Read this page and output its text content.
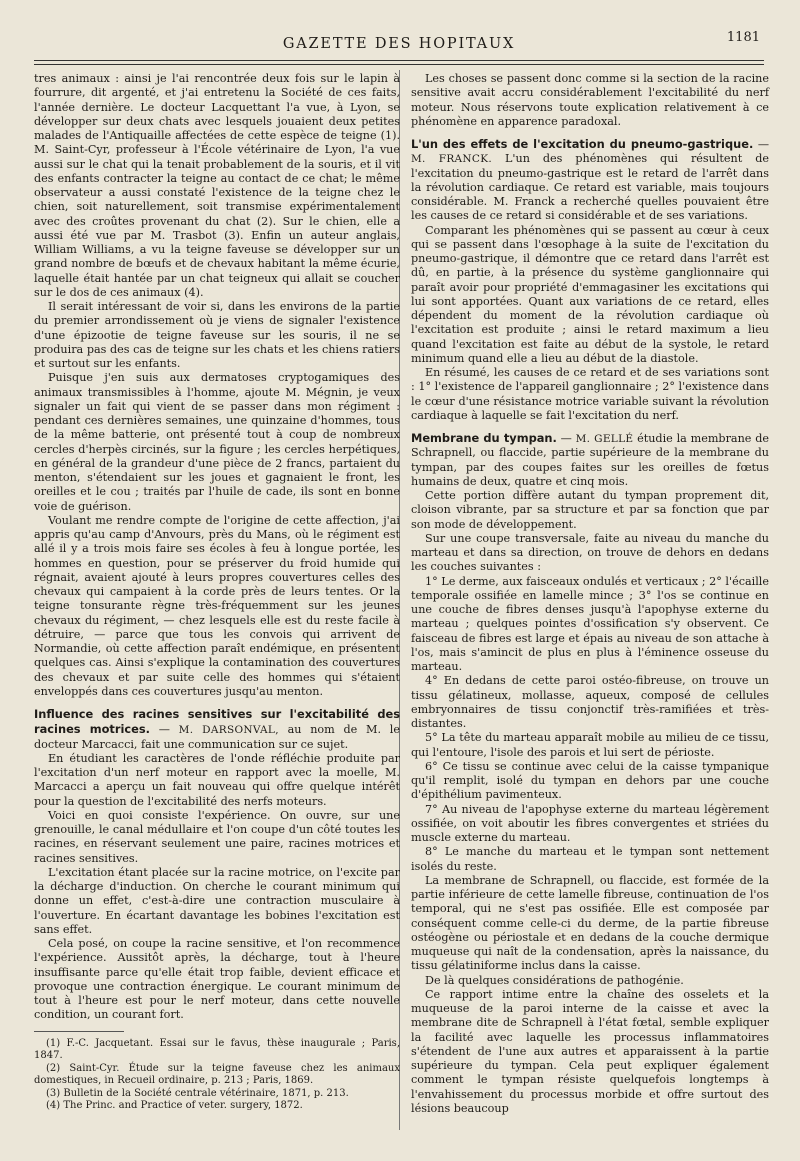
GAZETTE DES HOPITAUX	1181

tres animaux : ainsi je l'ai rencontrée deux fois sur le lapin à fourrure, dit argenté, et j'ai entretenu la Société de ces faits, l'année dernière. Le docteur Lacquettant l'a vue, à Lyon, se développer sur deux chats avec lesquels jouaient deux petites malades de l'Antiquaille affectées de cette espèce de teigne (1). M. Saint-Cyr, professeur à l'École vétérinaire de Lyon, l'a vue aussi sur le chat qui la tenait probablement de la souris, et il vit des enfants contracter la teigne au contact de ce chat; le même observateur a aussi constaté l'existence de la teigne chez le chien, soit naturellement, soit transmise expérimentalement avec des croûtes provenant du chat (2). Sur le chien, elle a aussi été vue par M. Trasbot (3). Enfin un auteur anglais, William Williams, a vu la teigne faveuse se développer sur un grand nombre de bœufs et de chevaux habitant la même écurie, laquelle était hantée par un chat teigneux qui allait se coucher sur le dos de ces animaux (4).

Il serait intéressant de voir si, dans les environs de la partie du premier arrondissement où je viens de signaler l'existence d'une épizootie de teigne faveuse sur les souris, il ne se produira pas des cas de teigne sur les chats et les chiens ratiers et surtout sur les enfants.

Puisque j'en suis aux dermatoses cryptogamiques des animaux transmissibles à l'homme, ajoute M. Mégnin, je veux signaler un fait qui vient de se passer dans mon régiment : pendant ces dernières semaines, une quinzaine d'hommes, tous de la même batterie, ont présenté tout à coup de nombreux cercles d'herpès circinés, sur la figure ; les cercles herpétiques, en général de la grandeur d'une pièce de 2 francs, partaient du menton, s'étendaient sur les joues et gagnaient le front, les oreilles et le cou ; traités par l'huile de cade, ils sont en bonne voie de guérison.

Voulant me rendre compte de l'origine de cette affection, j'ai appris qu'au camp d'Anvours, près du Mans, où le régiment est allé il y a trois mois faire ses écoles à feu à longue portée, les hommes en question, pour se préserver du froid humide qui régnait, avaient ajouté à leurs propres couvertures celles des chevaux qui campaient à la corde près de leurs tentes. Or la teigne tonsurante règne très-fréquemment sur les jeunes chevaux du régiment, — chez lesquels elle est du reste facile à détruire, — parce que tous les convois qui arrivent de Normandie, où cette affection paraît endémique, en présentent quelques cas. Ainsi s'explique la contamination des couvertures des chevaux et par suite celle des hommes qui s'étaient enveloppés dans ces couvertures jusqu'au menton.

Influence des racines sensitives sur l'excitabilité des racines motrices. — M. DARSONVAL, au nom de M. le docteur Marcacci, fait une communication sur ce sujet.

En étudiant les caractères de l'onde réfléchie produite par l'excitation d'un nerf moteur en rapport avec la moelle, M. Marcacci a aperçu un fait nouveau qui offre quelque intérêt pour la question de l'excitabilité des nerfs moteurs.

Voici en quoi consiste l'expérience. On ouvre, sur une grenouille, le canal médullaire et l'on coupe d'un côté toutes les racines, en réservant seulement une paire, racines motrices et racines sensitives.

L'excitation étant placée sur la racine motrice, on l'excite par la décharge d'induction. On cherche le courant minimum qui donne un effet, c'est-à-dire une contraction musculaire à l'ouverture. En écartant davantage les bobines l'excitation est sans effet.

Cela posé, on coupe la racine sensitive, et l'on recommence l'expérience. Aussitôt après, la décharge, tout à l'heure insuffisante parce qu'elle était trop faible, devient efficace et provoque une contraction énergique. Le courant minimum de tout à l'heure est pour le nerf moteur, dans cette nouvelle condition, un courant fort.

(1) F.-C. Jacquetant. Essai sur le favus, thèse inaugurale ; Paris, 1847.

(2) Saint-Cyr. Étude sur la teigne faveuse chez les animaux domestiques, in Recueil ordinaire, p. 213 ; Paris, 1869.

(3) Bulletin de la Société centrale vétérinaire, 1871, p. 213.

(4) The Princ. and Practice of veter. surgery, 1872.

Les choses se passent donc comme si la section de la racine sensitive avait accru considérablement l'excitabilité du nerf moteur. Nous réservons toute explication relativement à ce phénomène en apparence paradoxal.

L'un des effets de l'excitation du pneumo-gastrique. — M. FRANCK. L'un des phénomènes qui résultent de l'excitation du pneumo-gastrique est le retard de l'arrêt dans la révolution cardiaque. Ce retard est variable, mais toujours considérable. M. Franck a recherché quelles pouvaient être les causes de ce retard si considérable et de ses variations.

Comparant les phénomènes qui se passent au cœur à ceux qui se passent dans l'œsophage à la suite de l'excitation du pneumo-gastrique, il démontre que ce retard dans l'arrêt est dû, en partie, à la présence du système ganglionnaire qui paraît avoir pour propriété d'emmagasiner les excitations qui lui sont apportées. Quant aux variations de ce retard, elles dépendent du moment de la révolution cardiaque où l'excitation est produite ; ainsi le retard maximum a lieu quand l'excitation est faite au début de la systole, le retard minimum quand elle a lieu au début de la diastole.

En résumé, les causes de ce retard et de ses variations sont : 1° l'existence de l'appareil ganglionnaire ; 2° l'existence dans le cœur d'une résistance motrice variable suivant la révolution cardiaque à laquelle se fait l'excitation du nerf.

Membrane du tympan. — M. GELLÉ étudie la membrane de Schrapnell, ou flaccide, partie supérieure de la membrane du tympan, par des coupes faites sur les oreilles de fœtus humains de deux, quatre et cinq mois.

Cette portion diffère autant du tympan proprement dit, cloison vibrante, par sa structure et par sa fonction que par son mode de développement.

Sur une coupe transversale, faite au niveau du manche du marteau et dans sa direction, on trouve de dehors en dedans les couches suivantes :

1° Le derme, aux faisceaux ondulés et verticaux ; 2° l'écaille temporale ossifiée en lamelle mince ; 3° l'os se continue en une couche de fibres denses jusqu'à l'apophyse externe du marteau ; quelques pointes d'ossification s'y observent. Ce faisceau de fibres est large et épais au niveau de son attache à l'os, mais s'amincit de plus en plus à l'éminence osseuse du marteau.

4° En dedans de cette paroi ostéo-fibreuse, on trouve un tissu gélatineux, mollasse, aqueux, composé de cellules embryonnaires de tissu conjonctif très-ramifiées et très-distantes.

5° La tête du marteau apparaît mobile au milieu de ce tissu, qui l'entoure, l'isole des parois et lui sert de périoste.

6° Ce tissu se continue avec celui de la caisse tympanique qu'il remplit, isolé du tympan en dehors par une couche d'épithélium pavimenteux.

7° Au niveau de l'apophyse externe du marteau légèrement ossifiée, on voit aboutir les fibres convergentes et striées du muscle externe du marteau.

8° Le manche du marteau et le tympan sont nettement isolés du reste.

La membrane de Schrapnell, ou flaccide, est formée de la partie inférieure de cette lamelle fibreuse, continuation de l'os temporal, qui ne s'est pas ossifiée. Elle est composée par conséquent comme celle-ci du derme, de la partie fibreuse ostéogène ou périostale et en dedans de la couche dermique muqueuse qui naît de la condensation, après la naissance, du tissu gélatiniforme inclus dans la caisse.

De là quelques considérations de pathogénie.

Ce rapport intime entre la chaîne des osselets et la muqueuse de la paroi interne de la caisse et avec la membrane dite de Schrapnell à l'état fœtal, semble expliquer la facilité avec laquelle les processus inflammatoires s'étendent de l'une aux autres et apparaissent à la partie supérieure du tympan. Cela peut expliquer également comment le tympan résiste quelquefois longtemps à l'envahissement du processus morbide et offre surtout des lésions beaucoup
